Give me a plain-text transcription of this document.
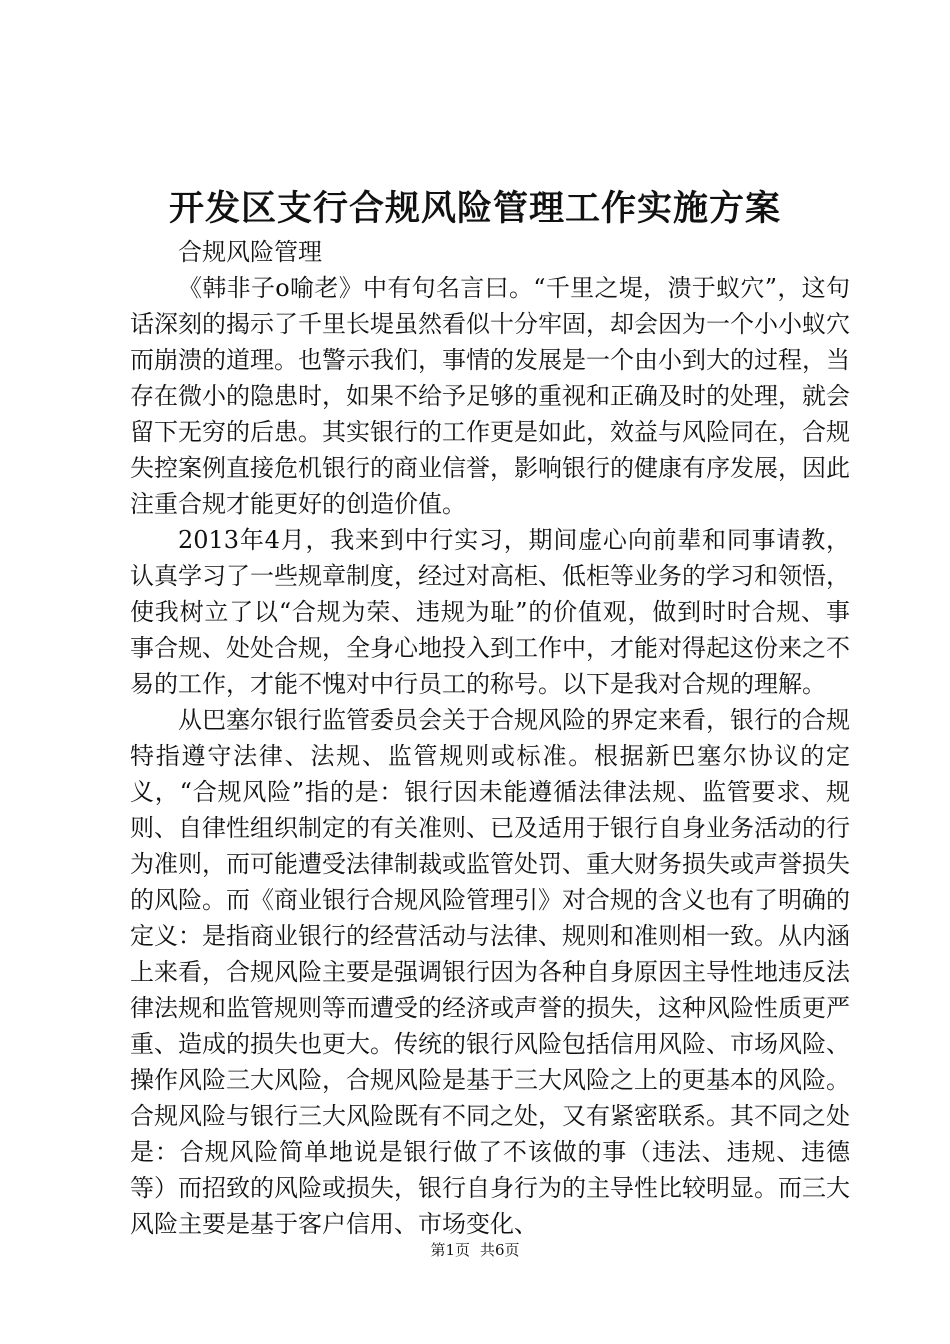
开发区支行合规风险管理工作实施方案

合规风险管理

《韩非子o喻老》中有句名言曰。“千里之堤，溃于蚁穴”，这句话深刻的揭示了千里长堤虽然看似十分牢固，却会因为一个小小蚁穴而崩溃的道理。也警示我们，事情的发展是一个由小到大的过程，当存在微小的隐患时，如果不给予足够的重视和正确及时的处理，就会留下无穷的后患。其实银行的工作更是如此，效益与风险同在，合规失控案例直接危机银行的商业信誉，影响银行的健康有序发展，因此注重合规才能更好的创造价值。

2013年4月，我来到中行实习，期间虚心向前辈和同事请教，认真学习了一些规章制度，经过对高柜、低柜等业务的学习和领悟，使我树立了以“合规为荣、违规为耻”的价值观，做到时时合规、事事合规、处处合规，全身心地投入到工作中，才能对得起这份来之不易的工作，才能不愧对中行员工的称号。以下是我对合规的理解。

从巴塞尔银行监管委员会关于合规风险的界定来看，银行的合规特指遵守法律、法规、监管规则或标准。根据新巴塞尔协议的定义，“合规风险”指的是：银行因未能遵循法律法规、监管要求、规则、自律性组织制定的有关准则、已及适用于银行自身业务活动的行为准则，而可能遭受法律制裁或监管处罚、重大财务损失或声誉损失的风险。而《商业银行合规风险管理引》对合规的含义也有了明确的定义：是指商业银行的经营活动与法律、规则和准则相一致。从内涵上来看，合规风险主要是强调银行因为各种自身原因主导性地违反法律法规和监管规则等而遭受的经济或声誉的损失，这种风险性质更严重、造成的损失也更大。传统的银行风险包括信用风险、市场风险、操作风险三大风险，合规风险是基于三大风险之上的更基本的风险。合规风险与银行三大风险既有不同之处，又有紧密联系。其不同之处是：合规风险简单地说是银行做了不该做的事（违法、违规、违德等）而招致的风险或损失，银行自身行为的主导性比较明显。而三大风险主要是基于客户信用、市场变化、

第1页 共6页
